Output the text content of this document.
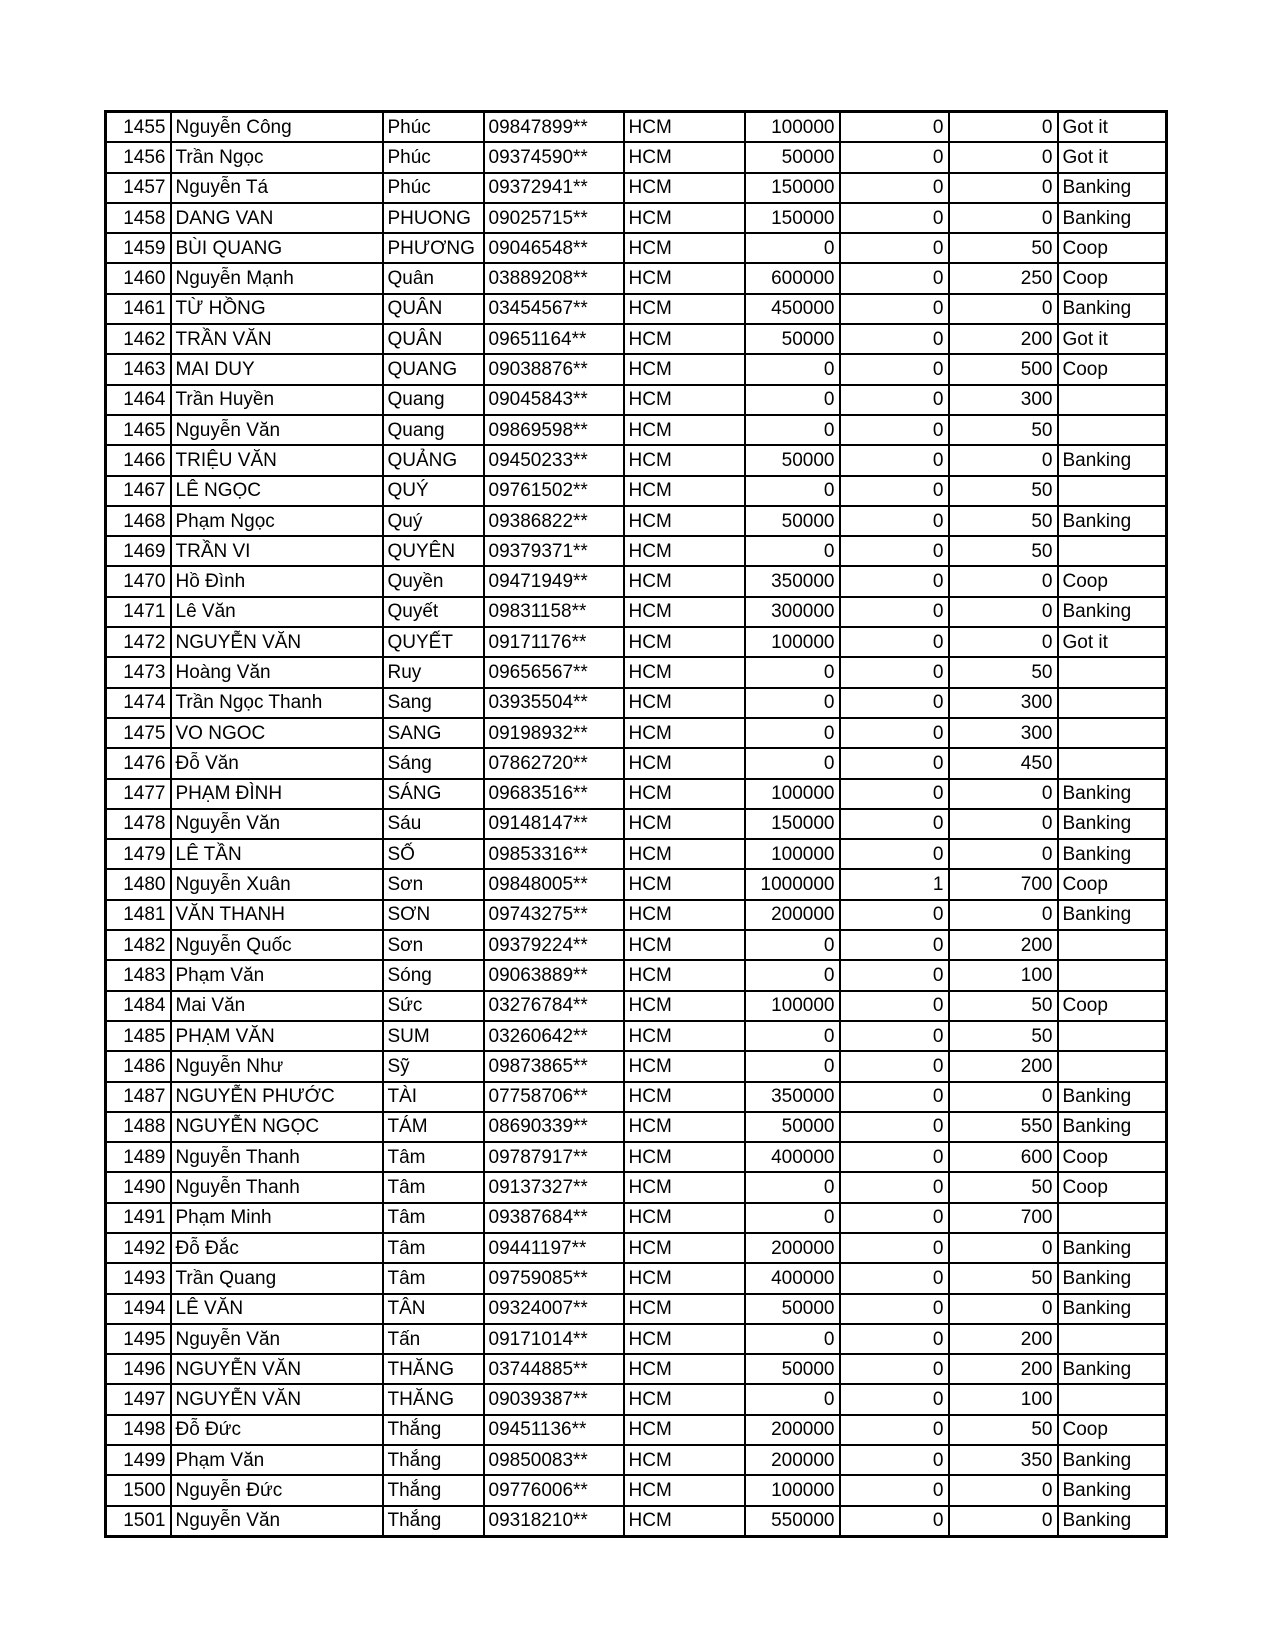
1455	Nguyễn Công	Phúc	09847899**	HCM	100000	0	0	Got it
1456	Trần Ngọc	Phúc	09374590**	HCM	50000	0	0	Got it
1457	Nguyễn Tá	Phúc	09372941**	HCM	150000	0	0	Banking
1458	DANG VAN	PHUONG	09025715**	HCM	150000	0	0	Banking
1459	BÙI QUANG	PHƯƠNG	09046548**	HCM	0	0	50	Coop
1460	Nguyễn Mạnh	Quân	03889208**	HCM	600000	0	250	Coop
1461	TỪ HỒNG	QUÂN	03454567**	HCM	450000	0	0	Banking
1462	TRẦN VĂN	QUÂN	09651164**	HCM	50000	0	200	Got it
1463	MAI DUY	QUANG	09038876**	HCM	0	0	500	Coop
1464	Trần Huyền	Quang	09045843**	HCM	0	0	300	
1465	Nguyễn Văn	Quang	09869598**	HCM	0	0	50	
1466	TRIỆU VĂN	QUẢNG	09450233**	HCM	50000	0	0	Banking
1467	LÊ NGỌC	QUÝ	09761502**	HCM	0	0	50	
1468	Phạm Ngọc	Quý	09386822**	HCM	50000	0	50	Banking
1469	TRẦN VI	QUYÊN	09379371**	HCM	0	0	50	
1470	Hồ Đình	Quyền	09471949**	HCM	350000	0	0	Coop
1471	Lê Văn	Quyết	09831158**	HCM	300000	0	0	Banking
1472	NGUYỄN VĂN	QUYẾT	09171176**	HCM	100000	0	0	Got it
1473	Hoàng Văn	Ruy	09656567**	HCM	0	0	50	
1474	Trần Ngọc Thanh	Sang	03935504**	HCM	0	0	300	
1475	VO NGOC	SANG	09198932**	HCM	0	0	300	
1476	Đỗ Văn	Sáng	07862720**	HCM	0	0	450	
1477	PHẠM ĐÌNH	SÁNG	09683516**	HCM	100000	0	0	Banking
1478	Nguyễn Văn	Sáu	09148147**	HCM	150000	0	0	Banking
1479	LÊ TẦN	SỐ	09853316**	HCM	100000	0	0	Banking
1480	Nguyễn Xuân	Sơn	09848005**	HCM	1000000	1	700	Coop
1481	VĂN THANH	SƠN	09743275**	HCM	200000	0	0	Banking
1482	Nguyễn Quốc	Sơn	09379224**	HCM	0	0	200	
1483	Phạm Văn	Sóng	09063889**	HCM	0	0	100	
1484	Mai Văn	Sức	03276784**	HCM	100000	0	50	Coop
1485	PHẠM VĂN	SUM	03260642**	HCM	0	0	50	
1486	Nguyễn Như	Sỹ	09873865**	HCM	0	0	200	
1487	NGUYỄN PHƯỚC	TÀI	07758706**	HCM	350000	0	0	Banking
1488	NGUYỄN NGỌC	TÁM	08690339**	HCM	50000	0	550	Banking
1489	Nguyễn Thanh	Tâm	09787917**	HCM	400000	0	600	Coop
1490	Nguyễn Thanh	Tâm	09137327**	HCM	0	0	50	Coop
1491	Phạm Minh	Tâm	09387684**	HCM	0	0	700	
1492	Đỗ Đắc	Tâm	09441197**	HCM	200000	0	0	Banking
1493	Trần Quang	Tâm	09759085**	HCM	400000	0	50	Banking
1494	LÊ VĂN	TÂN	09324007**	HCM	50000	0	0	Banking
1495	Nguyễn Văn	Tấn	09171014**	HCM	0	0	200	
1496	NGUYỄN VĂN	THĂNG	03744885**	HCM	50000	0	200	Banking
1497	NGUYỄN VĂN	THĂNG	09039387**	HCM	0	0	100	
1498	Đỗ Đức	Thắng	09451136**	HCM	200000	0	50	Coop
1499	Phạm Văn	Thắng	09850083**	HCM	200000	0	350	Banking
1500	Nguyễn Đức	Thắng	09776006**	HCM	100000	0	0	Banking
1501	Nguyễn Văn	Thắng	09318210**	HCM	550000	0	0	Banking
